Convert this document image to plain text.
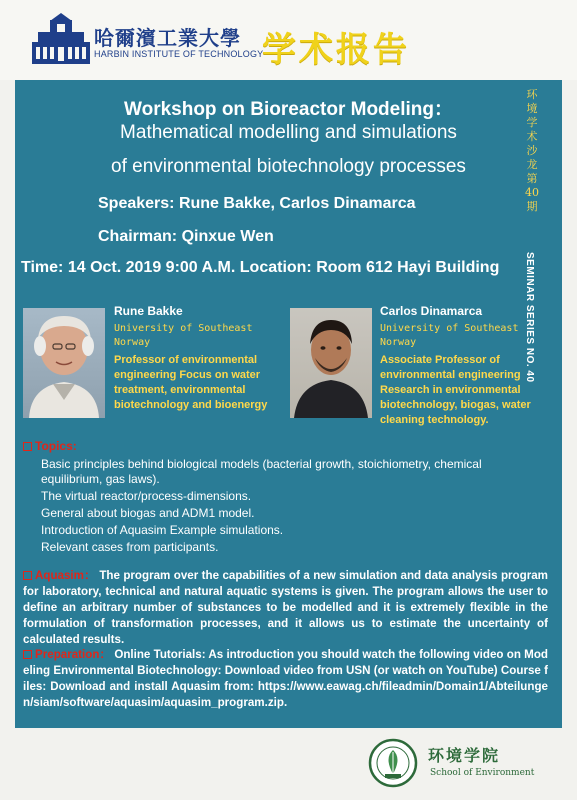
哈爾濱工業大學
HARBIN INSTITUTE OF TECHNOLOGY
学术报告
环境学术沙龙第40期
SEMINAR SERIES NO. 40
Workshop on Bioreactor Modeling：
Mathematical modelling and simulations
of environmental biotechnology processes
Speakers: Rune Bakke, Carlos Dinamarca
Chairman: Qinxue Wen
Time: 14 Oct. 2019 9:00 A.M. Location: Room 612 Hayi Building
Rune Bakke
University of Southeast Norway
Professor of environmental engineering Focus on water treatment, environmental biotechnology and bioenergy
Carlos Dinamarca
University of Southeast Norway
Associate Professor of environmental engineering Research in environmental biotechnology, biogas, water cleaning technology.
Topics:
Basic principles behind biological models (bacterial growth, stoichiometry, chemical equilibrium, gas laws).
The virtual reactor/process-dimensions.
General about biogas and ADM1 model.
Introduction of Aquasim Example simulations.
Relevant cases from participants.
Aquasim： The program over the capabilities of a new simulation and data analysis program for laboratory, technical and natural aquatic systems is given. The program allows the user to define an arbitrary number of substances to be modelled and it is extremely flexible in the formulation of transformation processes, and it allows us to estimate the uncertainty of calculated results.
Preparation： Online Tutorials: As introduction you should watch the following video on Modeling Environmental Biotechnology: Download video from USN (or watch on YouTube) Course files: Download and install Aquasim from: https://www.eawag.ch/fileadmin/Domain1/Abteilungen/siam/software/aquasim/aquasim_program.zip.
环境学院
School of Environment
